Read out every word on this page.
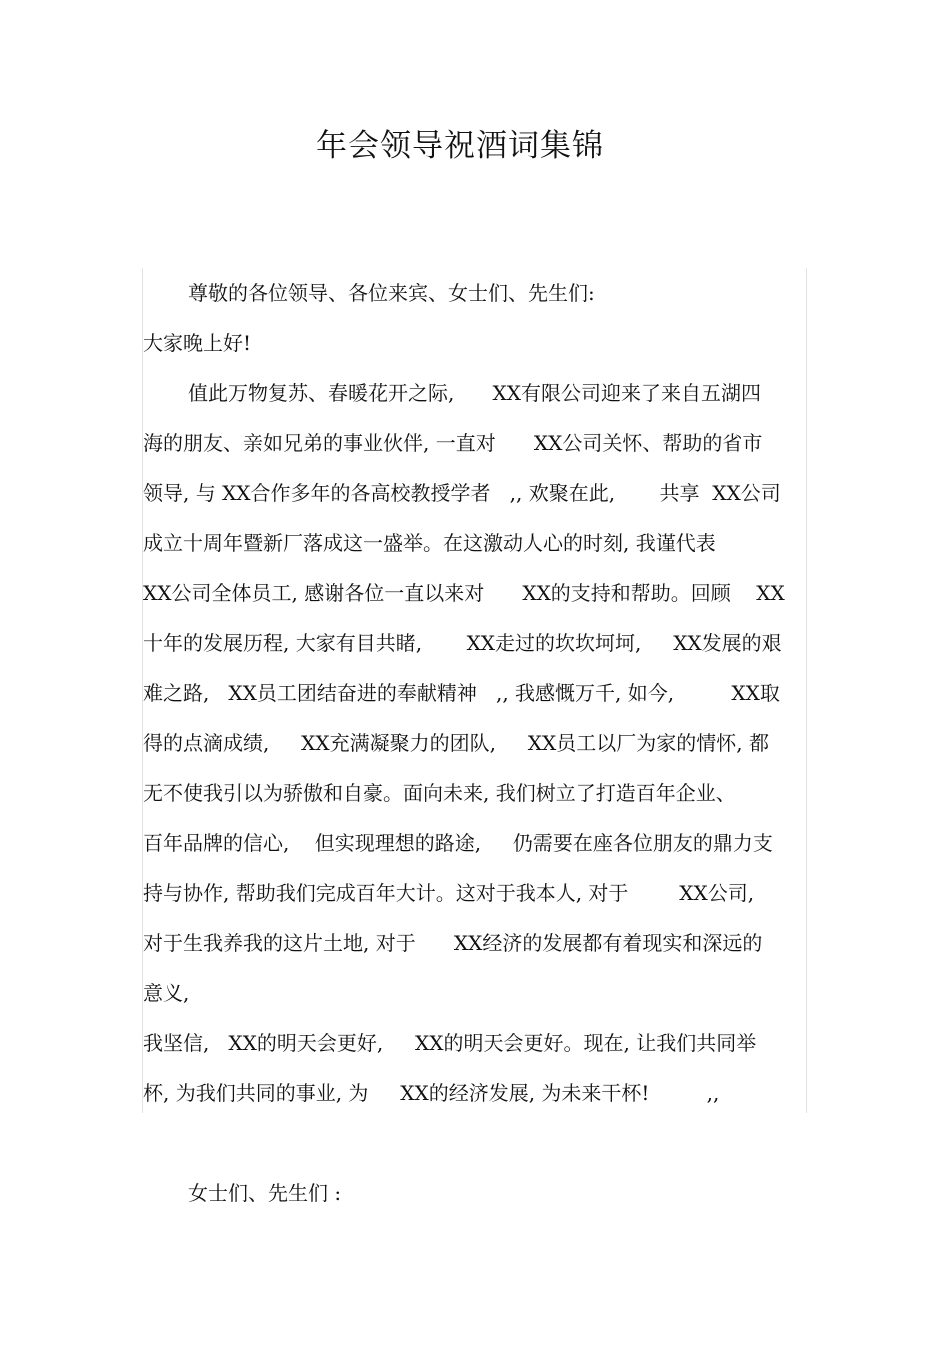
年会领导祝酒词集锦
尊敬的各位领导、各位来宾、女士们、先生们:
大家晚上好!
值此万物复苏、春暖花开之际,      XX有限公司迎来了来自五湖四
海的朋友、亲如兄弟的事业伙伴, 一直对      XX公司关怀、帮助的省市
领导, 与 XX合作多年的各高校教授学者   ,, 欢聚在此,       共享  XX公司
成立十周年暨新厂落成这一盛举。在这激动人心的时刻, 我谨代表
XX公司全体员工, 感谢各位一直以来对      XX的支持和帮助。回顾    XX
十年的发展历程, 大家有目共睹,       XX走过的坎坎坷坷,     XX发展的艰
难之路,   XX员工团结奋进的奉献精神   ,, 我感慨万千, 如今,         XX取
得的点滴成绩,     XX充满凝聚力的团队,     XX员工以厂为家的情怀, 都
无不使我引以为骄傲和自豪。面向未来, 我们树立了打造百年企业、
百年品牌的信心,    但实现理想的路途,     仍需要在座各位朋友的鼎力支
持与协作, 帮助我们完成百年大计。这对于我本人, 对于        XX公司,
对于生我养我的这片土地, 对于      XX经济的发展都有着现实和深远的
意义,
我坚信,   XX的明天会更好,     XX的明天会更好。现在, 让我们共同举
杯, 为我们共同的事业, 为     XX的经济发展, 为未来干杯!         ,,
女士们、先生们 :
